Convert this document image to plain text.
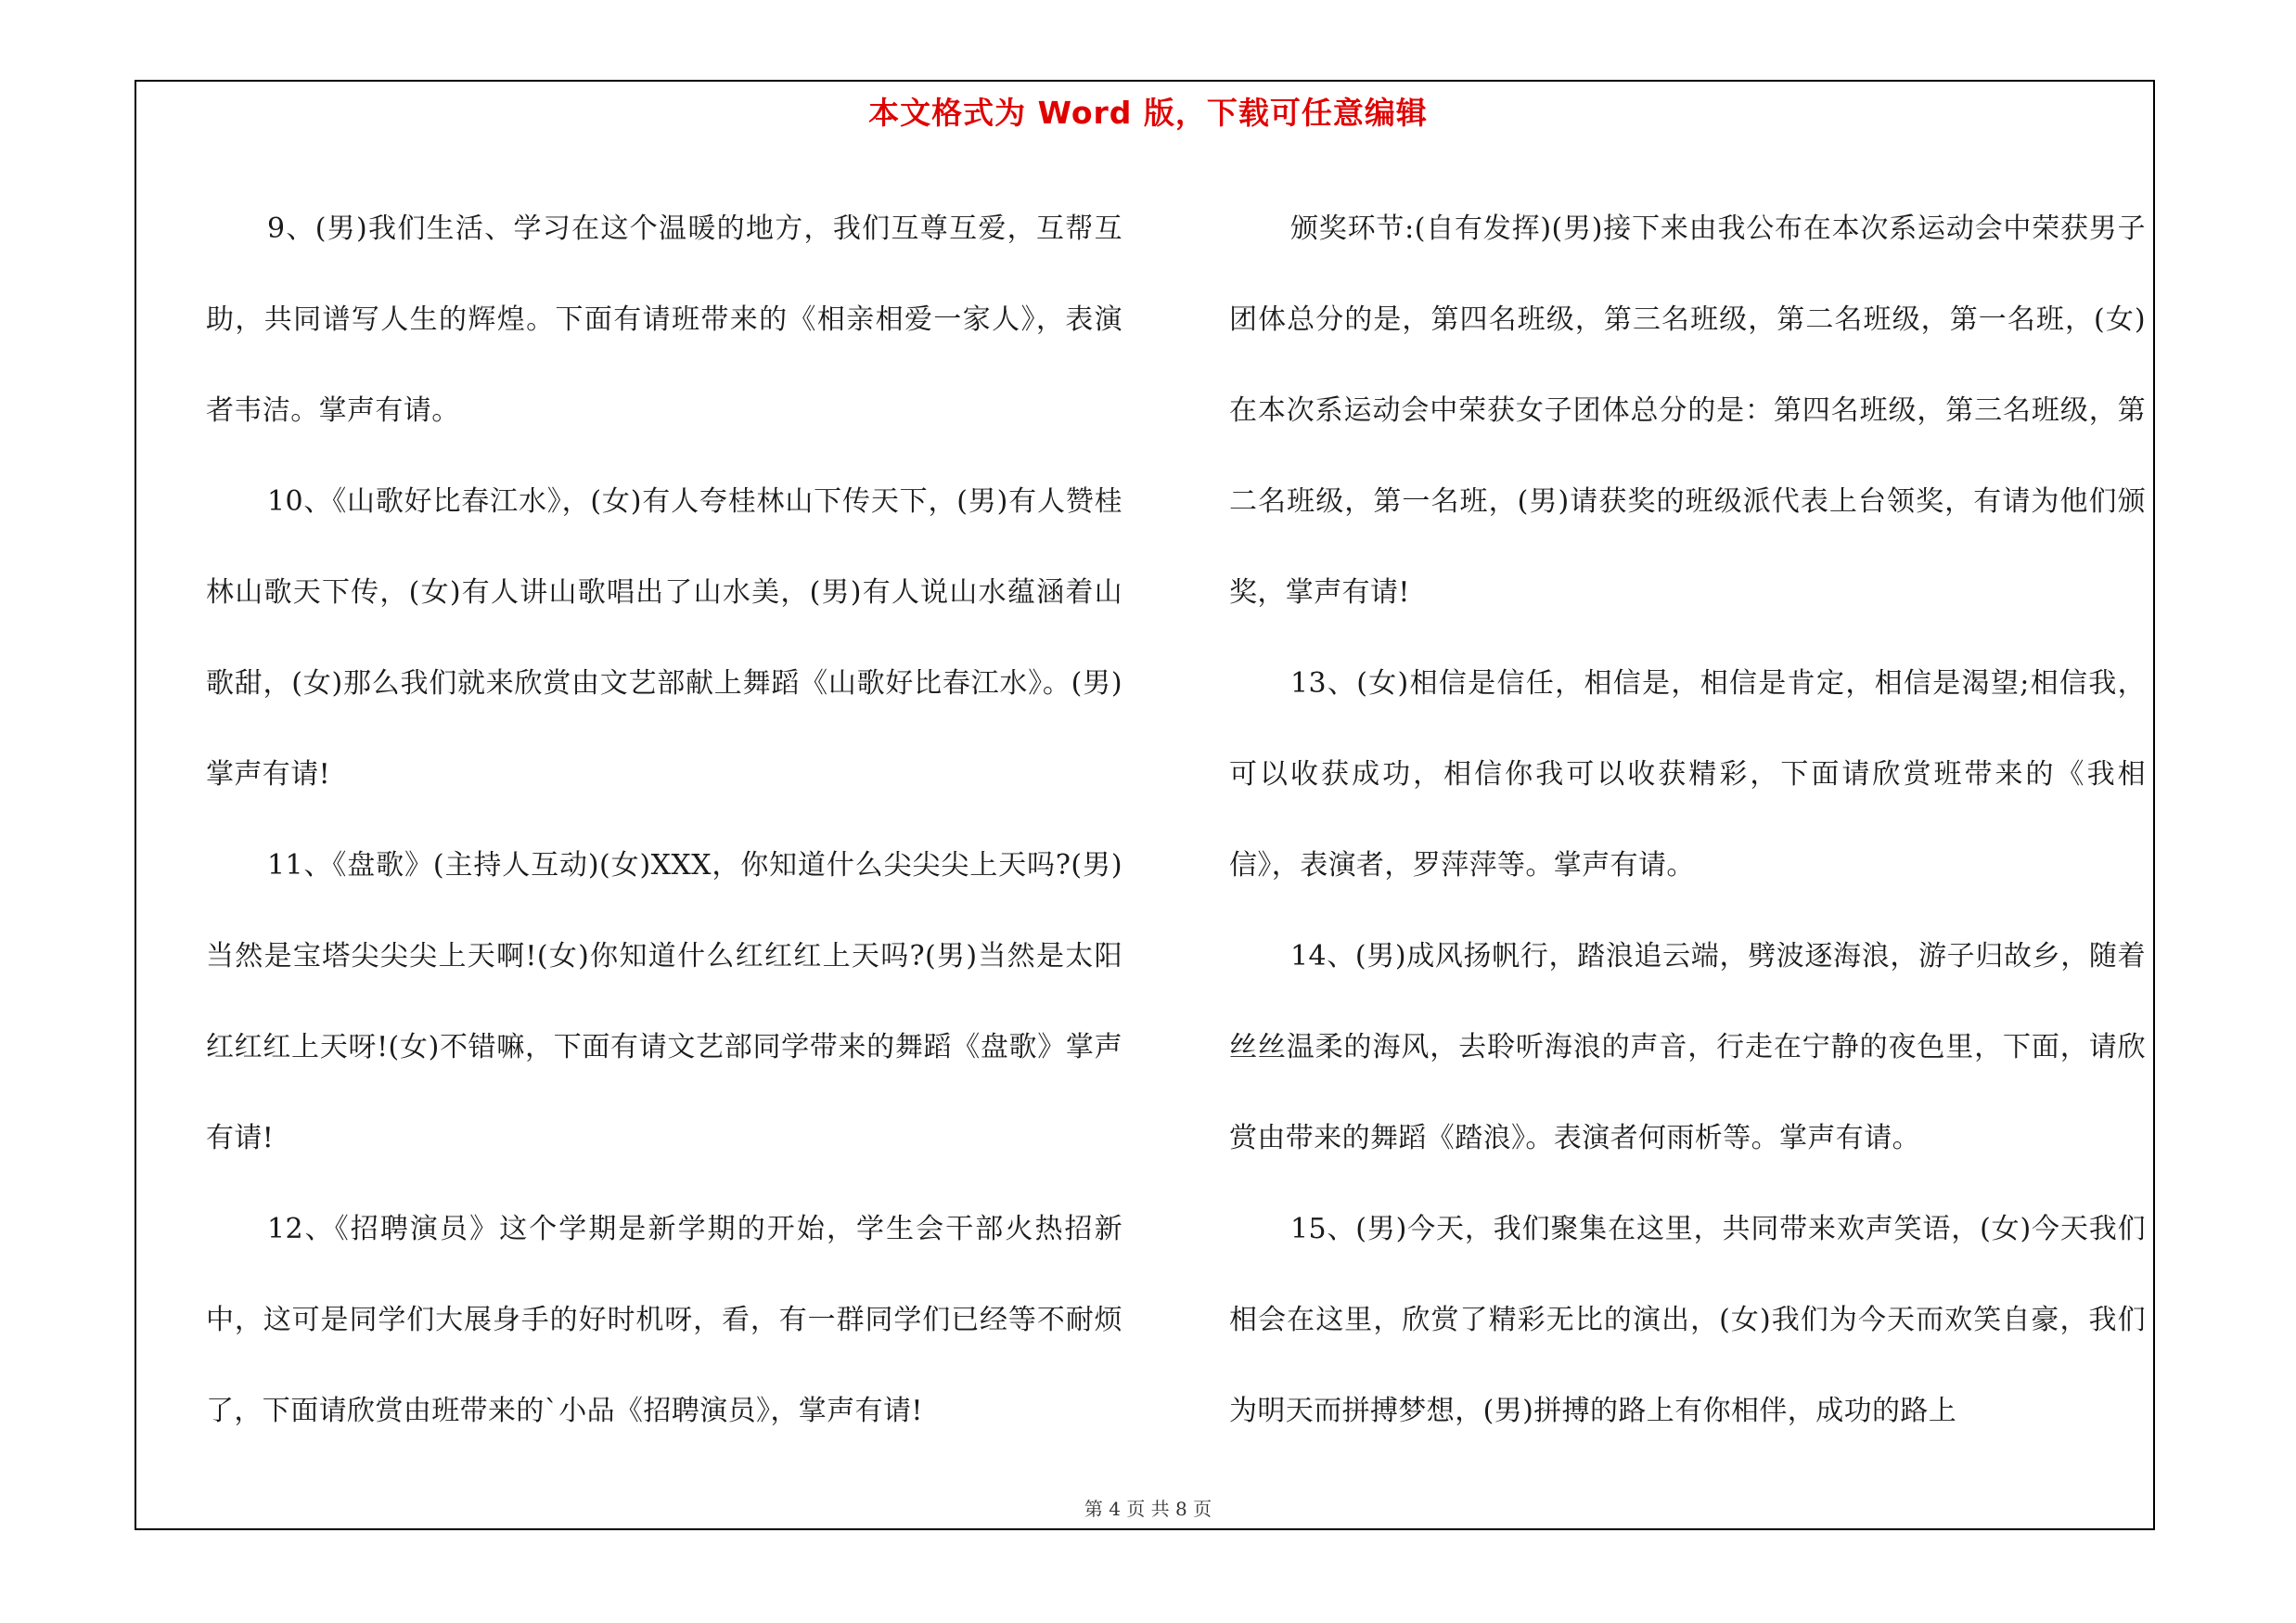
本文格式为 Word 版，下载可任意编辑

9、(男)我们生活、学习在这个温暖的地方，我们互尊互爱，互帮互助，共同谱写人生的辉煌。下面有请班带来的《相亲相爱一家人》，表演者韦洁。掌声有请。

10、《山歌好比春江水》，(女)有人夸桂林山下传天下，(男)有人赞桂林山歌天下传，(女)有人讲山歌唱出了山水美，(男)有人说山水蕴涵着山歌甜，(女)那么我们就来欣赏由文艺部献上舞蹈《山歌好比春江水》。(男)掌声有请!

11、《盘歌》(主持人互动)(女)XXX，你知道什么尖尖尖上天吗?(男)当然是宝塔尖尖尖上天啊!(女)你知道什么红红红上天吗?(男)当然是太阳红红红上天呀!(女)不错嘛，下面有请文艺部同学带来的舞蹈《盘歌》掌声有请!

12、《招聘演员》这个学期是新学期的开始，学生会干部火热招新中，这可是同学们大展身手的好时机呀，看，有一群同学们已经等不耐烦了，下面请欣赏由班带来的`小品《招聘演员》，掌声有请!

颁奖环节:(自有发挥)(男)接下来由我公布在本次系运动会中荣获男子团体总分的是，第四名班级，第三名班级，第二名班级，第一名班，(女)在本次系运动会中荣获女子团体总分的是：第四名班级，第三名班级，第二名班级，第一名班，(男)请获奖的班级派代表上台领奖，有请为他们颁奖，掌声有请!

13、(女)相信是信任，相信是，相信是肯定，相信是渴望;相信我，可以收获成功，相信你我可以收获精彩，下面请欣赏班带来的《我相信》，表演者，罗萍萍等。掌声有请。

14、(男)成风扬帆行，踏浪追云端，劈波逐海浪，游子归故乡，随着丝丝温柔的海风，去聆听海浪的声音，行走在宁静的夜色里，下面，请欣赏由带来的舞蹈《踏浪》。表演者何雨析等。掌声有请。

15、(男)今天，我们聚集在这里，共同带来欢声笑语，(女)今天我们相会在这里，欣赏了精彩无比的演出，(女)我们为今天而欢笑自豪，我们为明天而拼搏梦想，(男)拼搏的路上有你相伴，成功的路上

第 4 页 共 8 页
